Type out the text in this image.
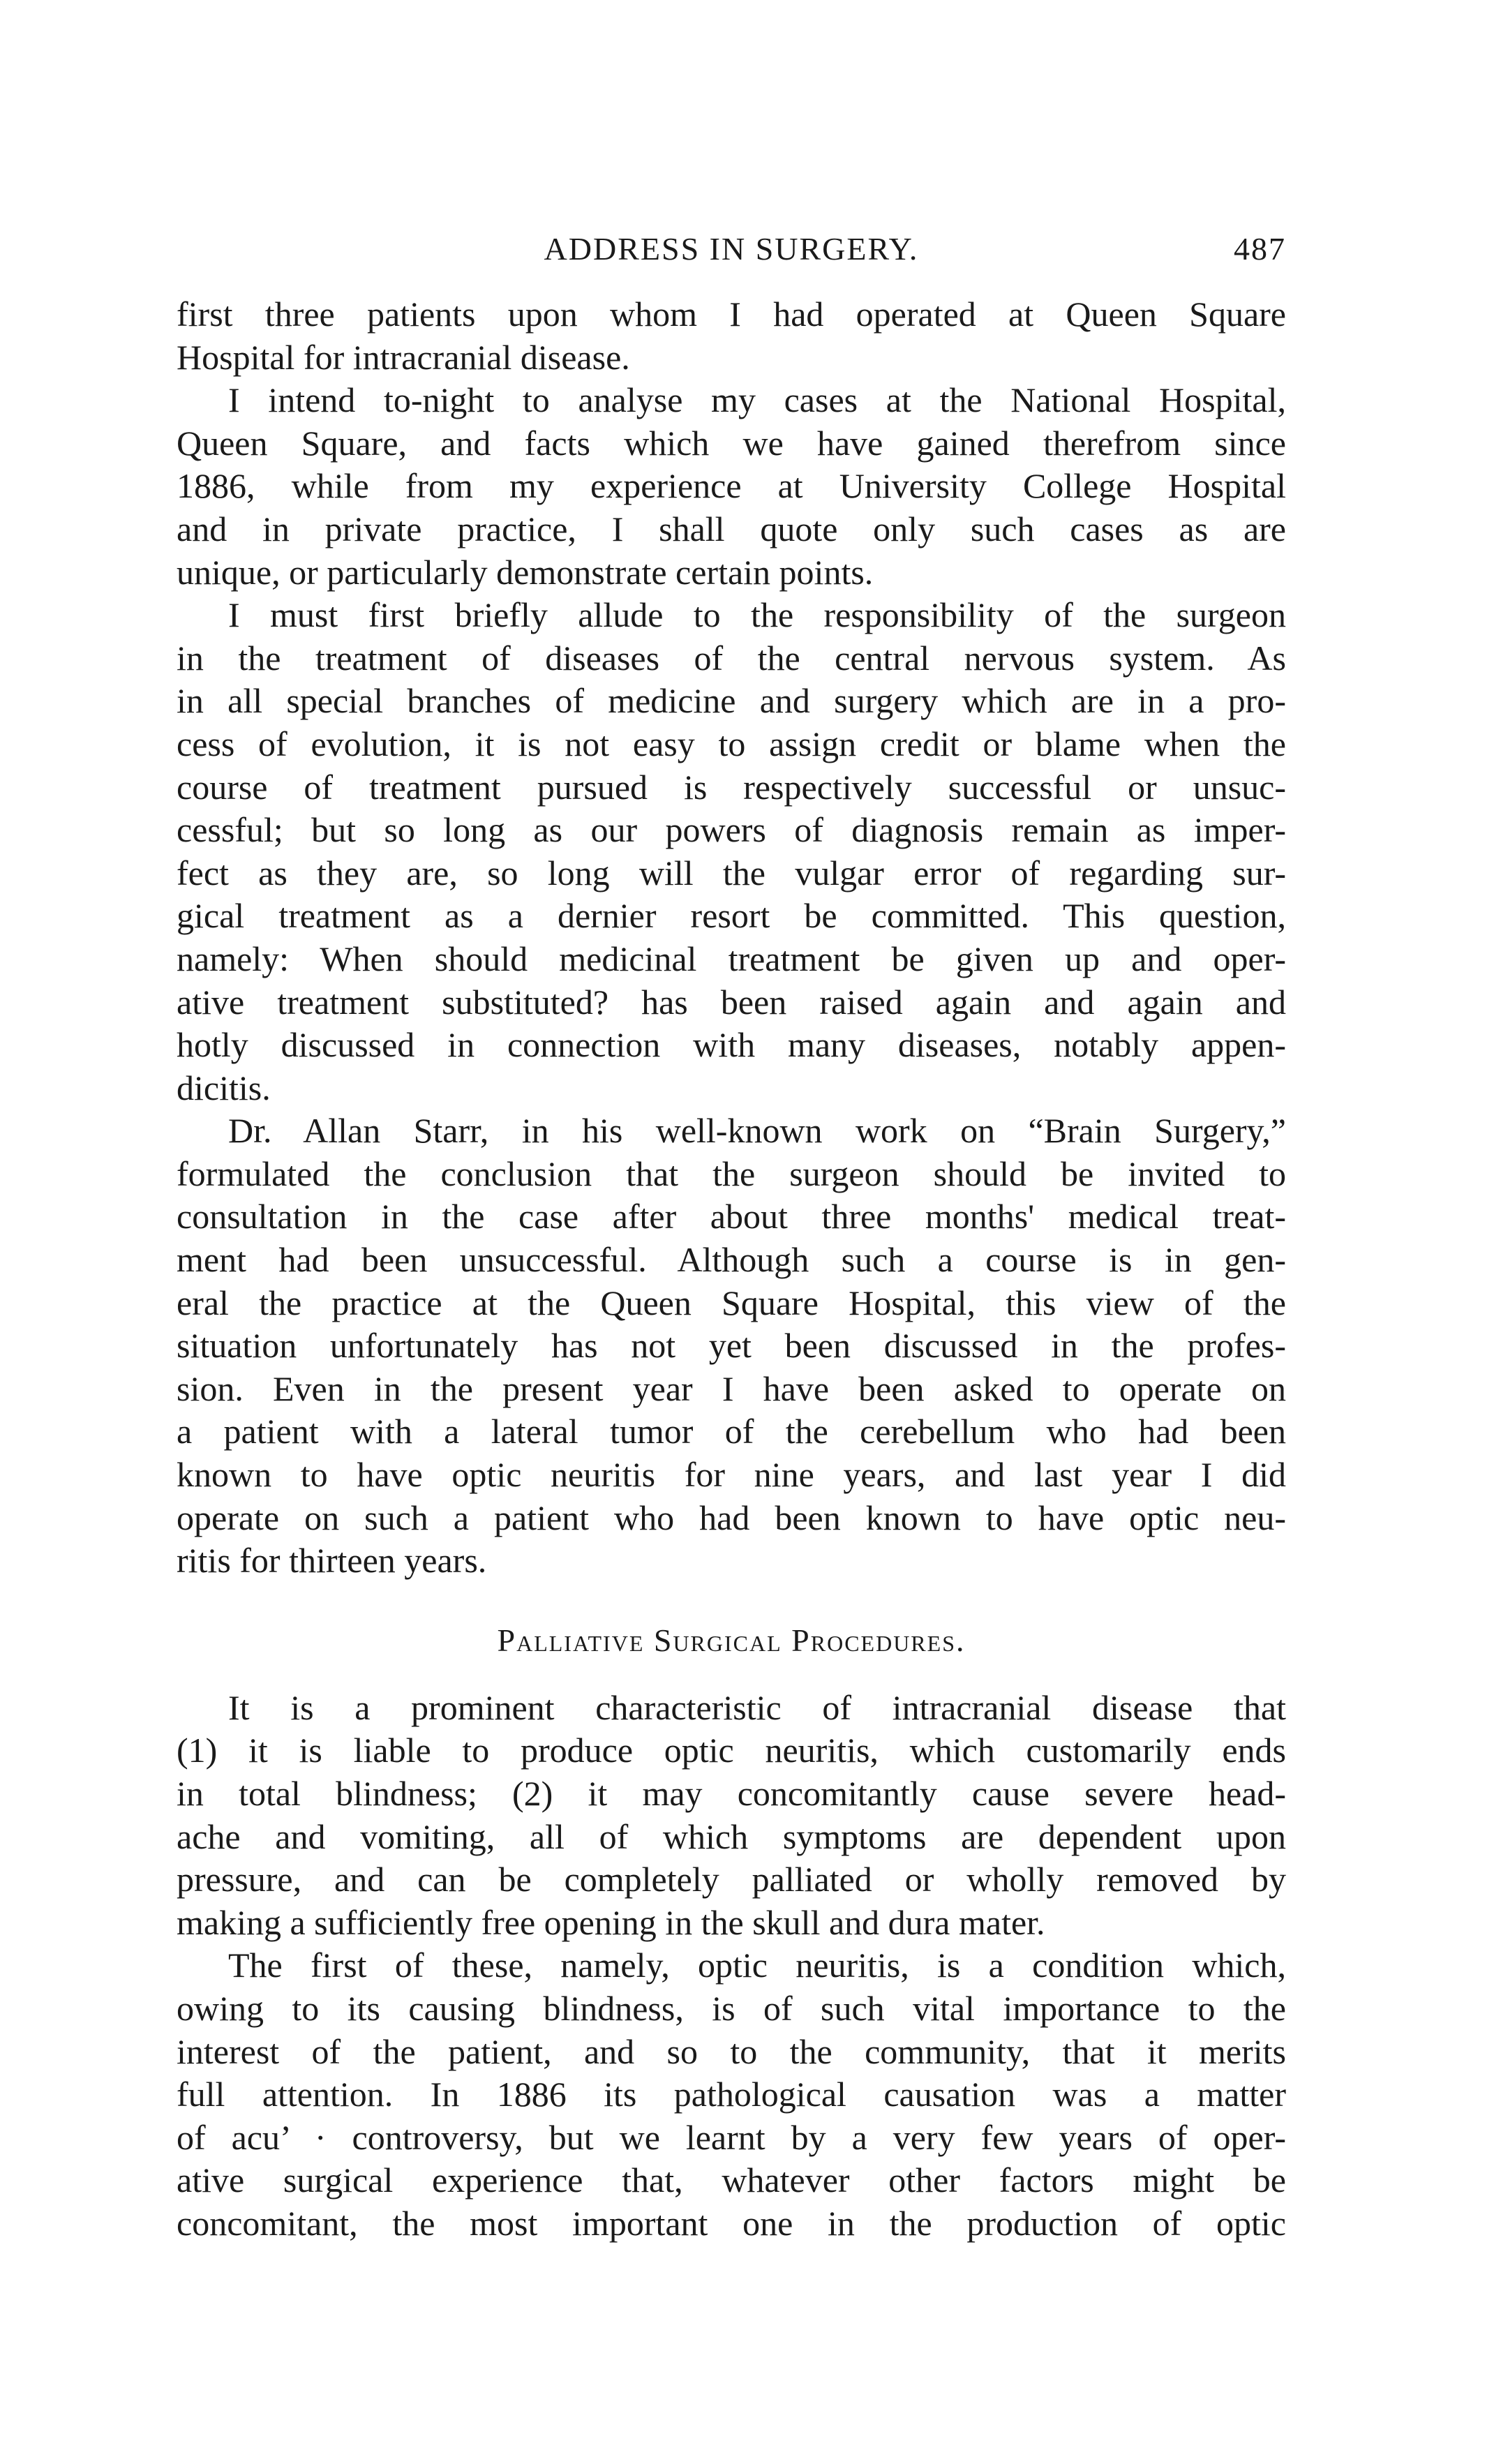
ADDRESS IN SURGERY.	487

first three patients upon whom I had operated at Queen Square
Hospital for intracranial disease.

I intend to-night to analyse my cases at the National Hospital,
Queen Square, and facts which we have gained therefrom since
1886, while from my experience at University College Hospital
and in private practice, I shall quote only such cases as are
unique, or particularly demonstrate certain points.

I must first briefly allude to the responsibility of the surgeon
in the treatment of diseases of the central nervous system. As
in all special branches of medicine and surgery which are in a pro-
cess of evolution, it is not easy to assign credit or blame when the
course of treatment pursued is respectively successful or unsuc-
cessful; but so long as our powers of diagnosis remain as imper-
fect as they are, so long will the vulgar error of regarding sur-
gical treatment as a dernier resort be committed. This question,
namely: When should medicinal treatment be given up and oper-
ative treatment substituted? has been raised again and again and
hotly discussed in connection with many diseases, notably appen-
dicitis.

Dr. Allan Starr, in his well-known work on “Brain Surgery,”
formulated the conclusion that the surgeon should be invited to
consultation in the case after about three months' medical treat-
ment had been unsuccessful. Although such a course is in gen-
eral the practice at the Queen Square Hospital, this view of the
situation unfortunately has not yet been discussed in the profes-
sion. Even in the present year I have been asked to operate on
a patient with a lateral tumor of the cerebellum who had been
known to have optic neuritis for nine years, and last year I did
operate on such a patient who had been known to have optic neu-
ritis for thirteen years.

Palliative Surgical Procedures.

It is a prominent characteristic of intracranial disease that
(1) it is liable to produce optic neuritis, which customarily ends
in total blindness; (2) it may concomitantly cause severe head-
ache and vomiting, all of which symptoms are dependent upon
pressure, and can be completely palliated or wholly removed by
making a sufficiently free opening in the skull and dura mater.

The first of these, namely, optic neuritis, is a condition which,
owing to its causing blindness, is of such vital importance to the
interest of the patient, and so to the community, that it merits
full attention. In 1886 its pathological causation was a matter
of acu’ · controversy, but we learnt by a very few years of oper-
ative surgical experience that, whatever other factors might be
concomitant, the most important one in the production of optic
